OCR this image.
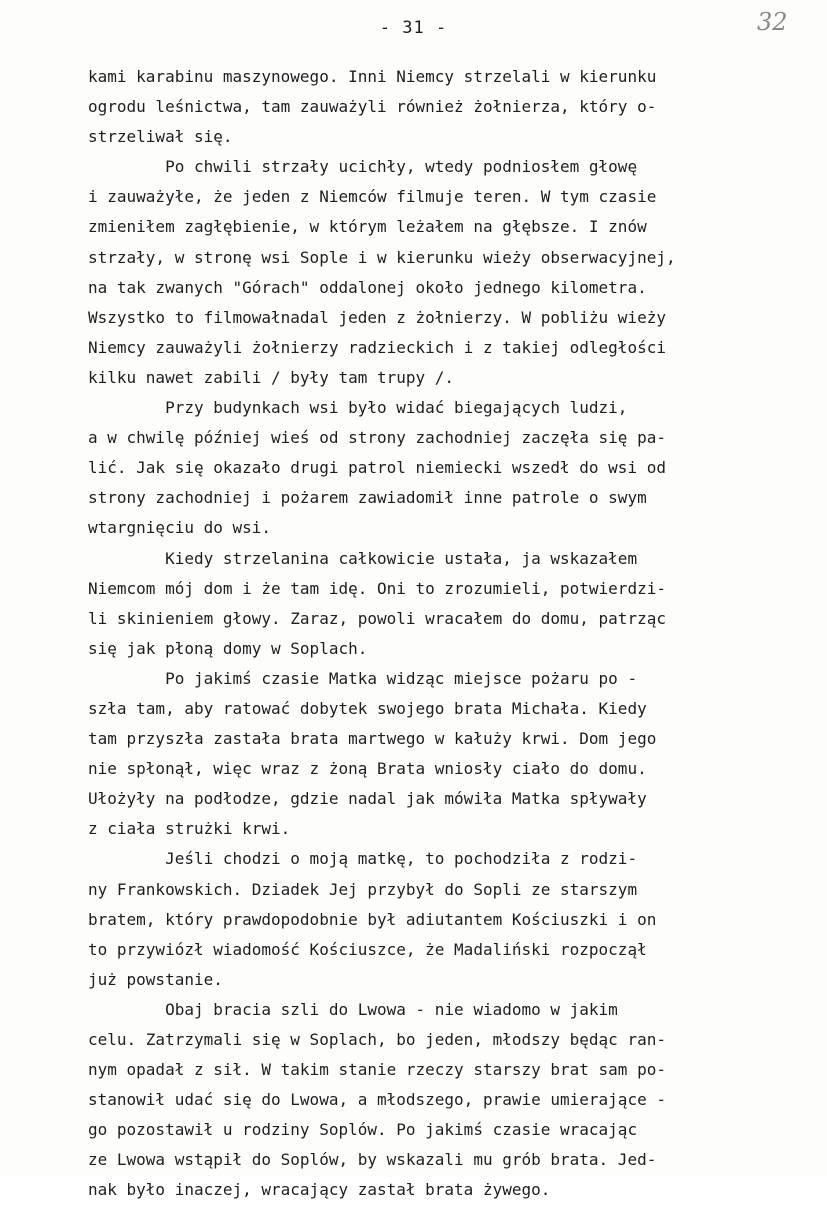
- 31 -	32
kami karabinu maszynowego. Inni Niemcy strzelali w kierunku
ogrodu leśnictwa, tam zauważyli również żołnierza, który o-
strzeliwał się.
Po chwili strzały ucichły, wtedy podniosłem głowę
i zauważyłe, że jeden z Niemców filmuje teren. W tym czasie
zmieniłem zagłębienie, w którym leżałem na głębsze. I znów
strzały, w stronę wsi Sople i w kierunku wieży obserwacyjnej,
na tak zwanych "Górach" oddalonej około jednego kilometra.
Wszystko to filmowałnadal jeden z żołnierzy. W pobliżu wieży
Niemcy zauważyli żołnierzy radzieckich i z takiej odległości
kilku nawet zabili / były tam trupy /.
Przy budynkach wsi było widać biegających ludzi,
a w chwilę później wieś od strony zachodniej zaczęła się pa-
lić. Jak się okazało drugi patrol niemiecki wszedł do wsi od
strony zachodniej i pożarem zawiadomił inne patrole o swym
wtargnięciu do wsi.
Kiedy strzelanina całkowicie ustała, ja wskazałem
Niemcom mój dom i że tam idę. Oni to zrozumieli, potwierdzi-
li skinieniem głowy. Zaraz, powoli wracałem do domu, patrząc
się jak płoną domy w Soplach.
Po jakimś czasie Matka widząc miejsce pożaru po -
szła tam, aby ratować dobytek swojego brata Michała. Kiedy
tam przyszła zastała brata martwego w kałuży krwi. Dom jego
nie spłonął, więc wraz z żoną Brata wniosły ciało do domu.
Ułożyły na podłodze, gdzie nadal jak mówiła Matka spływały
z ciała strużki krwi.
Jeśli chodzi o moją matkę, to pochodziła z rodzi-
ny Frankowskich. Dziadek Jej przybył do Sopli ze starszym
bratem, który prawdopodobnie był adiutantem Kościuszki i on
to przywiózł wiadomość Kościuszce, że Madaliński rozpoczął
już powstanie.
Obaj bracia szli do Lwowa - nie wiadomo w jakim
celu. Zatrzymali się w Soplach, bo jeden, młodszy będąc ran-
nym opadał z sił. W takim stanie rzeczy starszy brat sam po-
stanowił udać się do Lwowa, a młodszego, prawie umierające -
go pozostawił u rodziny Soplów. Po jakimś czasie wracając
ze Lwowa wstąpił do Soplów, by wskazali mu grób brata. Jed-
nak było inaczej, wracający zastał brata żywego.
